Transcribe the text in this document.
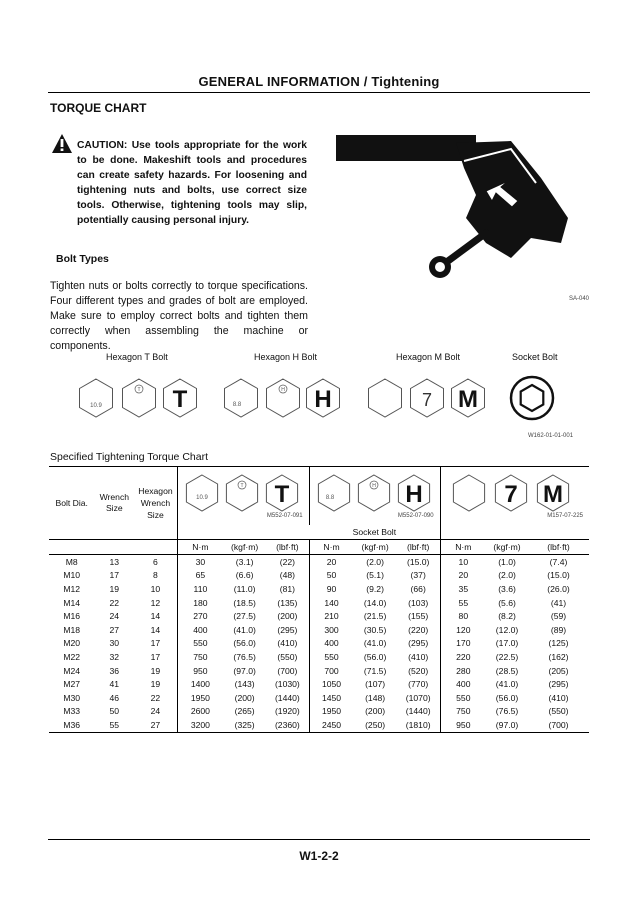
GENERAL INFORMATION / Tightening
TORQUE CHART
CAUTION: Use tools appropriate for the work to be done. Makeshift tools and procedures can create safety hazards. For loosening and tightening nuts and bolts, use correct size tools. Otherwise, tightening tools may slip, potentially causing personal injury.
SA-040
Bolt Types
Tighten nuts or bolts correctly to torque specifications. Four different types and grades of bolt are employed. Make sure to employ correct bolts and tighten them correctly when assembling the machine or components.
Hexagon T Bolt	Hexagon H Bolt	Hexagon M Bolt	Socket Bolt
10.9
T T	8.8
H H	7 M
W162-01-01-001
Specified Tightening Torque Chart
Bolt Dia.	Wrench Size	Hexagon Wrench Size	10.9
T T
M552-07-091			8.8
H H
M552-07-090			7 M
M157-07-225		

						Socket Bolt					
			N·m	(kgf·m)	(lbf·ft)	N·m	(kgf·m)	(lbf·ft)	N·m	(kgf·m)	(lbf·ft)
M8	13	6	30	(3.1)	(22)	20	(2.0)	(15.0)	10	(1.0)	(7.4)
M10	17	8	65	(6.6)	(48)	50	(5.1)	(37)	20	(2.0)	(15.0)
M12	19	10	110	(11.0)	(81)	90	(9.2)	(66)	35	(3.6)	(26.0)
M14	22	12	180	(18.5)	(135)	140	(14.0)	(103)	55	(5.6)	(41)
M16	24	14	270	(27.5)	(200)	210	(21.5)	(155)	80	(8.2)	(59)
M18	27	14	400	(41.0)	(295)	300	(30.5)	(220)	120	(12.0)	(89)
M20	30	17	550	(56.0)	(410)	400	(41.0)	(295)	170	(17.0)	(125)
M22	32	17	750	(76.5)	(550)	550	(56.0)	(410)	220	(22.5)	(162)
M24	36	19	950	(97.0)	(700)	700	(71.5)	(520)	280	(28.5)	(205)
M27	41	19	1400	(143)	(1030)	1050	(107)	(770)	400	(41.0)	(295)
M30	46	22	1950	(200)	(1440)	1450	(148)	(1070)	550	(56.0)	(410)
M33	50	24	2600	(265)	(1920)	1950	(200)	(1440)	750	(76.5)	(550)
M36	55	27	3200	(325)	(2360)	2450	(250)	(1810)	950	(97.0)	(700)
W1-2-2
